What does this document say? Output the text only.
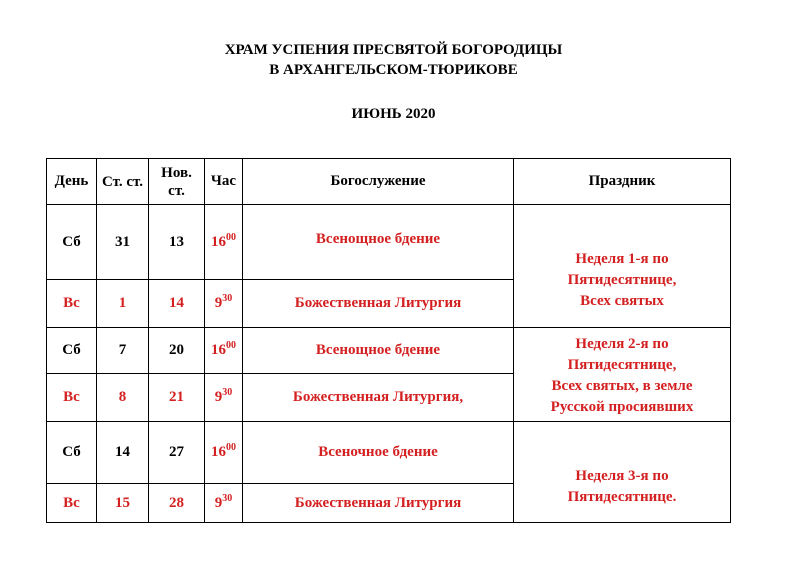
ХРАМ УСПЕНИЯ ПРЕСВЯТОЙ БОГОРОДИЦЫ
В АРХАНГЕЛЬСКОМ-ТЮРИКОВЕ
ИЮНЬ 2020
День	Ст. ст.	Нов. ст.	Час	Богослужение	Праздник
Сб	31	13	$16^{00}$	Всенощное бдение	Неделя 1-я по
Пятидесятнице,
Всех святых

Вс	1	14	$9^{30}$	Божественная Литургия	
Сб	7	20	$16^{00}$	Всенощное бдение	Неделя 2-я по
Пятидесятнице,
Всех святых, в земле
Русской просиявших

Вс	8	21	$9^{30}$	Божественная Литургия,	
Сб	14	27	$16^{00}$	Всеночное бдение	Неделя 3-я по
Пятидесятнице.

Вс	15	28	$9^{30}$	Божественная Литургия	
